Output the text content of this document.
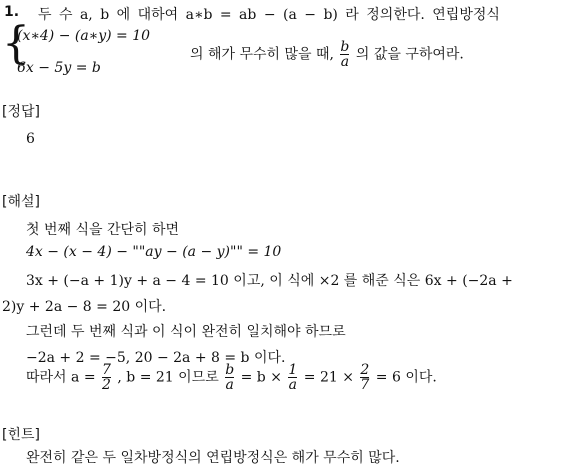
1. 두 수 a, b 에 대하여 a∗b = ab − (a − b) 라 정의한다. 연립방정식
{
(x∗4) − (a∗y) = 10
6x − 5y = b
의 해가 무수히 많을 때, $\frac{b}{a}$ 의 값을 구하여라.
[정답]
6
[해설]
첫 번째 식을 간단히 하면
4x − (x − 4) − ""ay − (a − y)"" = 10
3x + (−a + 1)y + a − 4 = 10 이고, 이 식에 ×2 를 해준 식은 6x + (−2a +
2)y + 2a − 8 = 20 이다.
그런데 두 번째 식과 이 식이 완전히 일치해야 하므로
−2a + 2 = −5, 20 − 2a + 8 = b 이다.
따라서 $a = \frac{7}{2}$ , b = 21 이므로 $\frac{b}{a} = b \times \frac{1}{a} = 21 \times \frac{2}{7} = 6$ 이다.
[힌트]
완전히 같은 두 일차방정식의 연립방정식은 해가 무수히 많다.
